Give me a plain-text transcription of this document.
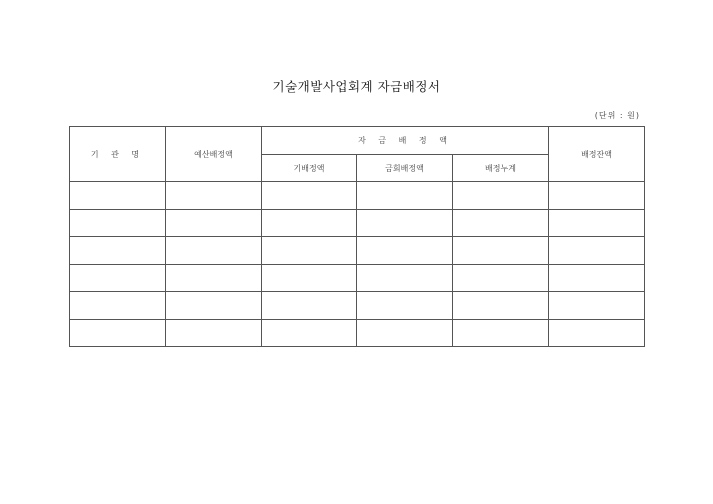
기술개발사업회계 자금배정서
(단위 : 원)
기 관 명	예산배정액	자 금 배 정 액			배정잔액
		기배정액	금회배정액	배정누계	
